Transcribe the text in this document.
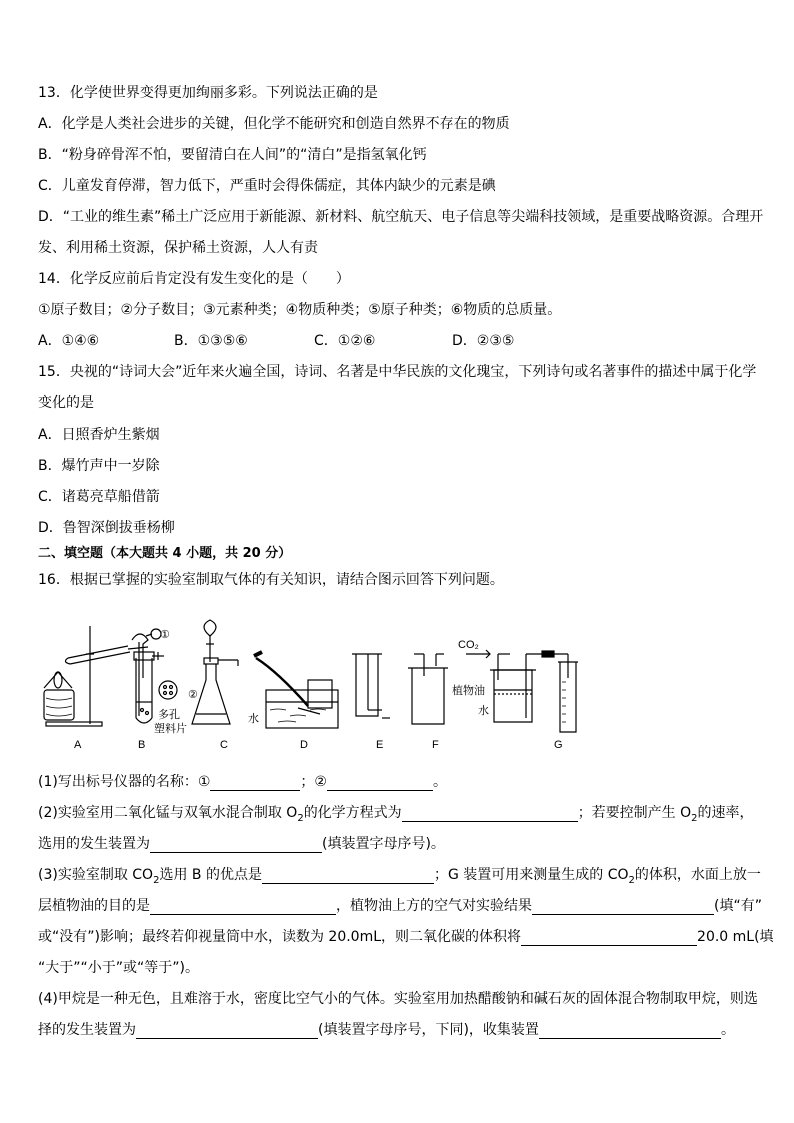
13．化学使世界变得更加绚丽多彩。下列说法正确的是
A．化学是人类社会进步的关键，但化学不能研究和创造自然界不存在的物质
B．“粉身碎骨浑不怕，要留清白在人间”的“清白”是指氢氧化钙
C．儿童发育停滞，智力低下，严重时会得侏儒症，其体内缺少的元素是碘
D．“工业的维生素”稀土广泛应用于新能源、新材料、航空航天、电子信息等尖端科技领域，是重要战略资源。合理开
发、利用稀土资源，保护稀土资源，人人有责
14．化学反应前后肯定没有发生变化的是（　　）
①原子数目；②分子数目；③元素种类；④物质种类；⑤原子种类；⑥物质的总质量。
A．①④⑥	B．①③⑤⑥	C．①②⑥	D．②③⑤
15．央视的“诗词大会”近年来火遍全国，诗词、名著是中华民族的文化瑰宝，下列诗句或名著事件的描述中属于化学
变化的是
A．日照香炉生紫烟
B．爆竹声中一岁除
C．诸葛亮草船借箭
D．鲁智深倒拔垂杨柳
二、填空题（本大题共 4 小题，共 20 分）
16．根据已掌握的实验室制取气体的有关知识，请结合图示回答下列问题。
A	B	C	D	E	F	G
①
②
多孔
塑料片
水
CO₂
植物油
水
(1)写出标号仪器的名称：①	；②	。
(2)实验室用二氧化锰与双氧水混合制取 $O_2$的化学方程式为	；若要控制产生 $O_2$的速率，
选用的发生装置为	(填装置字母序号)。
(3)实验室制取 $CO_2$选用 B 的优点是	；G 装置可用来测量生成的 $CO_2$的体积，水面上放一
层植物油的目的是	，植物油上方的空气对实验结果	(填“有”
或“没有”)影响；最终若仰视量筒中水，读数为 20.0mL，则二氧化碳的体积将	20.0 mL(填
“大于”“小于”或“等于”)。
(4)甲烷是一种无色，且难溶于水，密度比空气小的气体。实验室用加热醋酸钠和碱石灰的固体混合物制取甲烷，则选
择的发生装置为	(填装置字母序号，下同)，收集装置	。
